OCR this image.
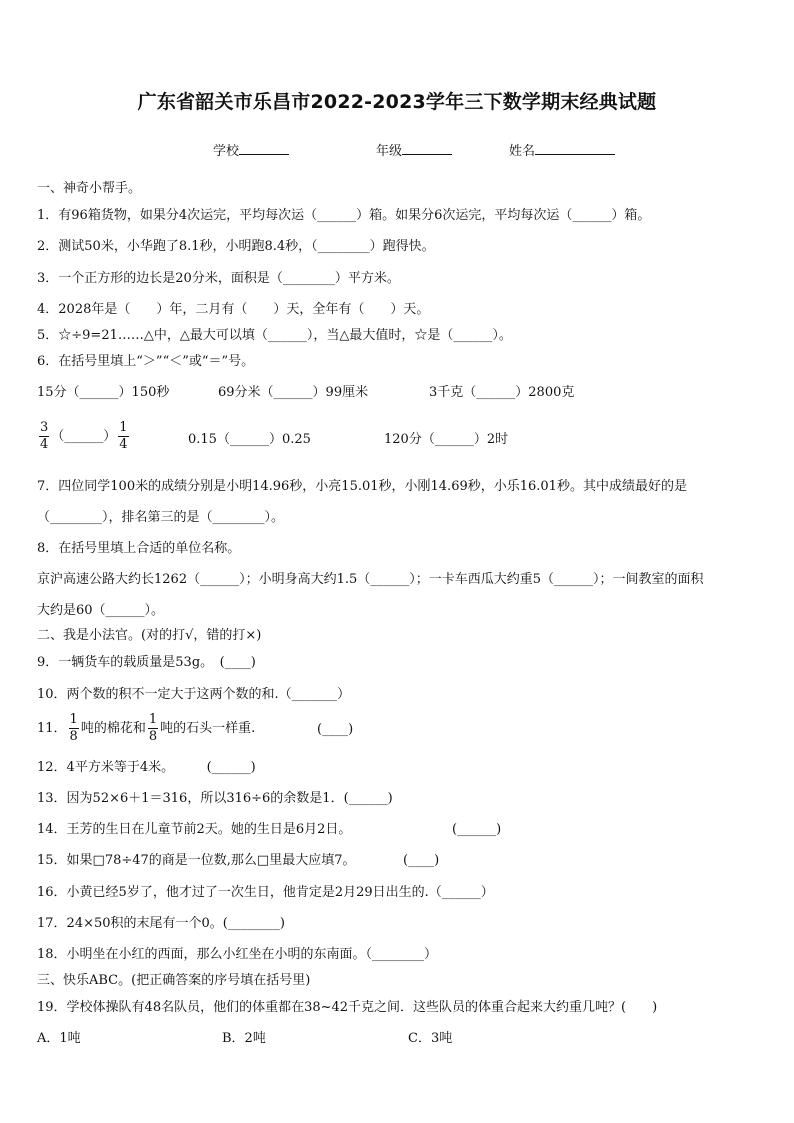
广东省韶关市乐昌市2022-2023学年三下数学期末经典试题
学校	年级	姓名
一、神奇小帮手。
1．有96箱货物，如果分4次运完，平均每次运（______）箱。如果分6次运完，平均每次运（______）箱。
2．测试50米，小华跑了8.1秒，小明跑8.4秒，（________）跑得快。
3．一个正方形的边长是20分米，面积是（________）平方米。
4．2028年是（　　）年，二月有（　　）天，全年有（　　）天。
5．☆÷9=21……△中，△最大可以填（______），当△最大值时，☆是（______）。
6．在括号里填上“＞”“＜”或“＝”号。
15分（______）150秒	69分米（______）99厘米	3千克（______）2800克
$\frac{3}{4}$ （______） $\frac{1}{4}$	0.15（______）0.25	120分（______）2时
7．四位同学100米的成绩分别是小明14.96秒，小亮15.01秒，小刚14.69秒，小乐16.01秒。其中成绩最好的是
（________），排名第三的是（________）。
8．在括号里填上合适的单位名称。
京沪高速公路大约长1262（______）；小明身高大约1.5（______）；一卡车西瓜大约重5（______）；一间教室的面积
大约是60（______）。
二、我是小法官。(对的打√，错的打×)
9．一辆货车的载质量是53g。　(____)
10．两个数的积不一定大于这两个数的和.（_______）
11． $\frac{1}{8}$ 吨的棉花和 $\frac{1}{8}$ 吨的石头一样重.	(____)
12．4平方米等于4米。　　　(______)
13．因为52×6＋1＝316，所以316÷6的余数是1．(______)
14．王芳的生日在儿童节前2天。她的生日是6月2日。	(______)
15．如果□78÷47的商是一位数,那么□里最大应填7。	(____)
16．小黄已经5岁了，他才过了一次生日，他肯定是2月29日出生的.（______）
17．24×50积的末尾有一个0。(________)
18．小明坐在小红的西面，那么小红坐在小明的东南面。（________）
三、快乐ABC。(把正确答案的序号填在括号里)
19．学校体操队有48名队员，他们的体重都在38~42千克之间．这些队员的体重合起来大约重几吨？(　　)
A．1吨	B．2吨	C．3吨
